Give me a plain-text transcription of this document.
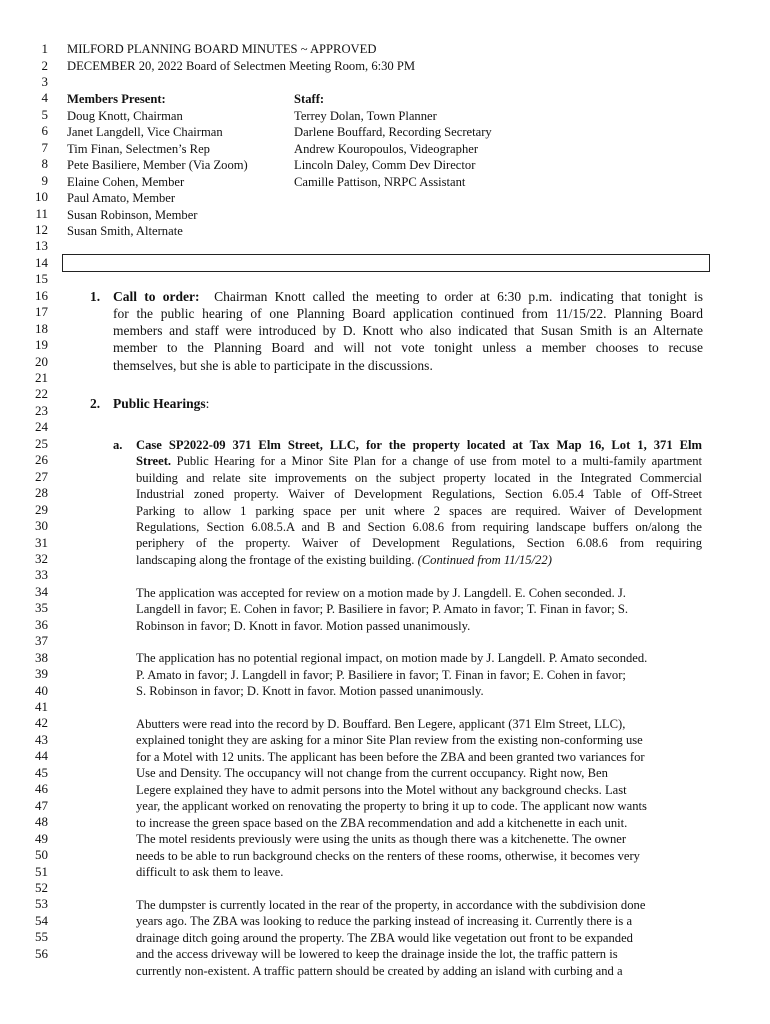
1
2
3
4
5
6
7
8
9
10
11
12
13
14
15
16
17
18
19
20
21
22
23
24
25
26
27
28
29
30
31
32
33
34
35
36
37
38
39
40
41
42
43
44
45
46
47
48
49
50
51
52
53
54
55
56
MILFORD PLANNING BOARD MINUTES ~ APPROVED
DECEMBER 20, 2022 Board of Selectmen Meeting Room, 6:30 PM
Members Present:
Doug Knott, Chairman
Janet Langdell, Vice Chairman
Tim Finan, Selectmen’s Rep
Pete Basiliere, Member (Via Zoom)
Elaine Cohen, Member
Paul Amato, Member
Susan Robinson, Member
Susan Smith, Alternate
Staff:
Terrey Dolan, Town Planner
Darlene Bouffard, Recording Secretary
Andrew Kouropoulos, Videographer
Lincoln Daley, Comm Dev Director
Camille Pattison, NRPC Assistant
1. Call to order: Chairman Knott called the meeting to order at 6:30 p.m. indicating that tonight is
for the public hearing of one Planning Board application continued from 11/15/22. Planning Board
members and staff were introduced by D. Knott who also indicated that Susan Smith is an Alternate
member to the Planning Board and will not vote tonight unless a member chooses to recuse
themselves, but she is able to participate in the discussions.
2. Public Hearings:
a. Case SP2022-09 371 Elm Street, LLC, for the property located at Tax Map 16, Lot 1, 371 Elm
Street. Public Hearing for a Minor Site Plan for a change of use from motel to a multi-family apartment
building and relate site improvements on the subject property located in the Integrated Commercial
Industrial zoned property. Waiver of Development Regulations, Section 6.05.4 Table of Off-Street
Parking to allow 1 parking space per unit where 2 spaces are required. Waiver of Development
Regulations, Section 6.08.5.A and B and Section 6.08.6 from requiring landscape buffers on/along the
periphery of the property. Waiver of Development Regulations, Section 6.08.6 from requiring
landscaping along the frontage of the existing building. (Continued from 11/15/22)
The application was accepted for review on a motion made by J. Langdell. E. Cohen seconded. J.
Langdell in favor; E. Cohen in favor; P. Basiliere in favor; P. Amato in favor; T. Finan in favor; S.
Robinson in favor; D. Knott in favor. Motion passed unanimously.
The application has no potential regional impact, on motion made by J. Langdell. P. Amato seconded.
P. Amato in favor; J. Langdell in favor; P. Basiliere in favor; T. Finan in favor; E. Cohen in favor;
S. Robinson in favor; D. Knott in favor. Motion passed unanimously.
Abutters were read into the record by D. Bouffard. Ben Legere, applicant (371 Elm Street, LLC),
explained tonight they are asking for a minor Site Plan review from the existing non-conforming use
for a Motel with 12 units. The applicant has been before the ZBA and been granted two variances for
Use and Density. The occupancy will not change from the current occupancy. Right now, Ben
Legere explained they have to admit persons into the Motel without any background checks. Last
year, the applicant worked on renovating the property to bring it up to code. The applicant now wants
to increase the green space based on the ZBA recommendation and add a kitchenette in each unit.
The motel residents previously were using the units as though there was a kitchenette. The owner
needs to be able to run background checks on the renters of these rooms, otherwise, it becomes very
difficult to ask them to leave.
The dumpster is currently located in the rear of the property, in accordance with the subdivision done
years ago. The ZBA was looking to reduce the parking instead of increasing it. Currently there is a
drainage ditch going around the property. The ZBA would like vegetation out front to be expanded
and the access driveway will be lowered to keep the drainage inside the lot, the traffic pattern is
currently non-existent. A traffic pattern should be created by adding an island with curbing and a
